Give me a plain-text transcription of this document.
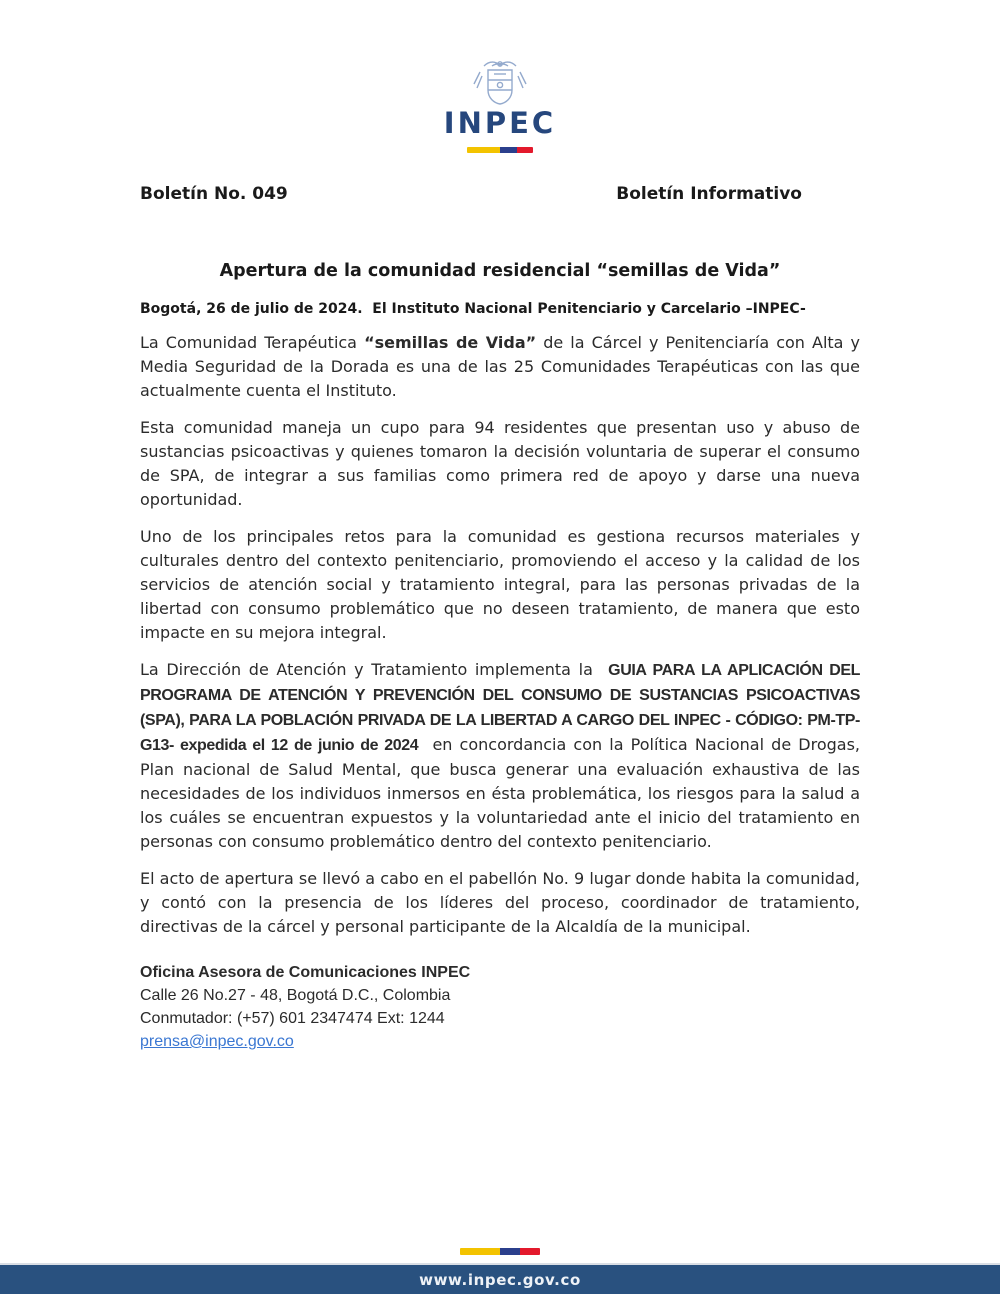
INPEC
Boletín No. 049	Boletín Informativo
Apertura de la comunidad residencial “semillas de Vida”
Bogotá, 26 de julio de 2024.  El Instituto Nacional Penitenciario y Carcelario –INPEC-

La Comunidad Terapéutica “semillas de Vida” de la Cárcel y Penitenciaría con Alta y Media Seguridad de la Dorada es una de las 25 Comunidades Terapéuticas con las que actualmente cuenta el Instituto.

Esta comunidad maneja un cupo para 94 residentes que presentan uso y abuso de sustancias psicoactivas y quienes tomaron la decisión voluntaria de superar el consumo de SPA, de integrar a sus familias como primera red de apoyo y darse una nueva oportunidad.

Uno de los principales retos para la comunidad es gestiona recursos materiales y culturales dentro del contexto penitenciario, promoviendo el acceso y la calidad de los servicios de atención social y tratamiento integral, para las personas privadas de la libertad con consumo problemático que no deseen tratamiento, de manera que esto impacte en su mejora integral.

La Dirección de Atención y Tratamiento implementa la  GUIA PARA LA APLICACIÓN DEL PROGRAMA DE ATENCIÓN Y PREVENCIÓN DEL CONSUMO DE SUSTANCIAS PSICOACTIVAS (SPA), PARA LA POBLACIÓN PRIVADA DE LA LIBERTAD A CARGO DEL INPEC - CÓDIGO: PM-TP-G13- expedida el 12 de junio de 2024  en concordancia con la Política Nacional de Drogas, Plan nacional de Salud Mental, que busca generar una evaluación exhaustiva de las necesidades de los individuos inmersos en ésta problemática, los riesgos para la salud a los cuáles se encuentran expuestos y la voluntariedad ante el inicio del tratamiento en personas con consumo problemático dentro del contexto penitenciario.

El acto de apertura se llevó a cabo en el pabellón No. 9 lugar donde habita la comunidad, y contó con la presencia de los líderes del proceso, coordinador de tratamiento, directivas de la cárcel y personal participante de la Alcaldía de la municipal.

Oficina Asesora de Comunicaciones INPEC
Calle 26 No.27 - 48, Bogotá D.C., Colombia
Conmutador: (+57) 601 2347474 Ext: 1244
prensa@inpec.gov.co
www.inpec.gov.co
